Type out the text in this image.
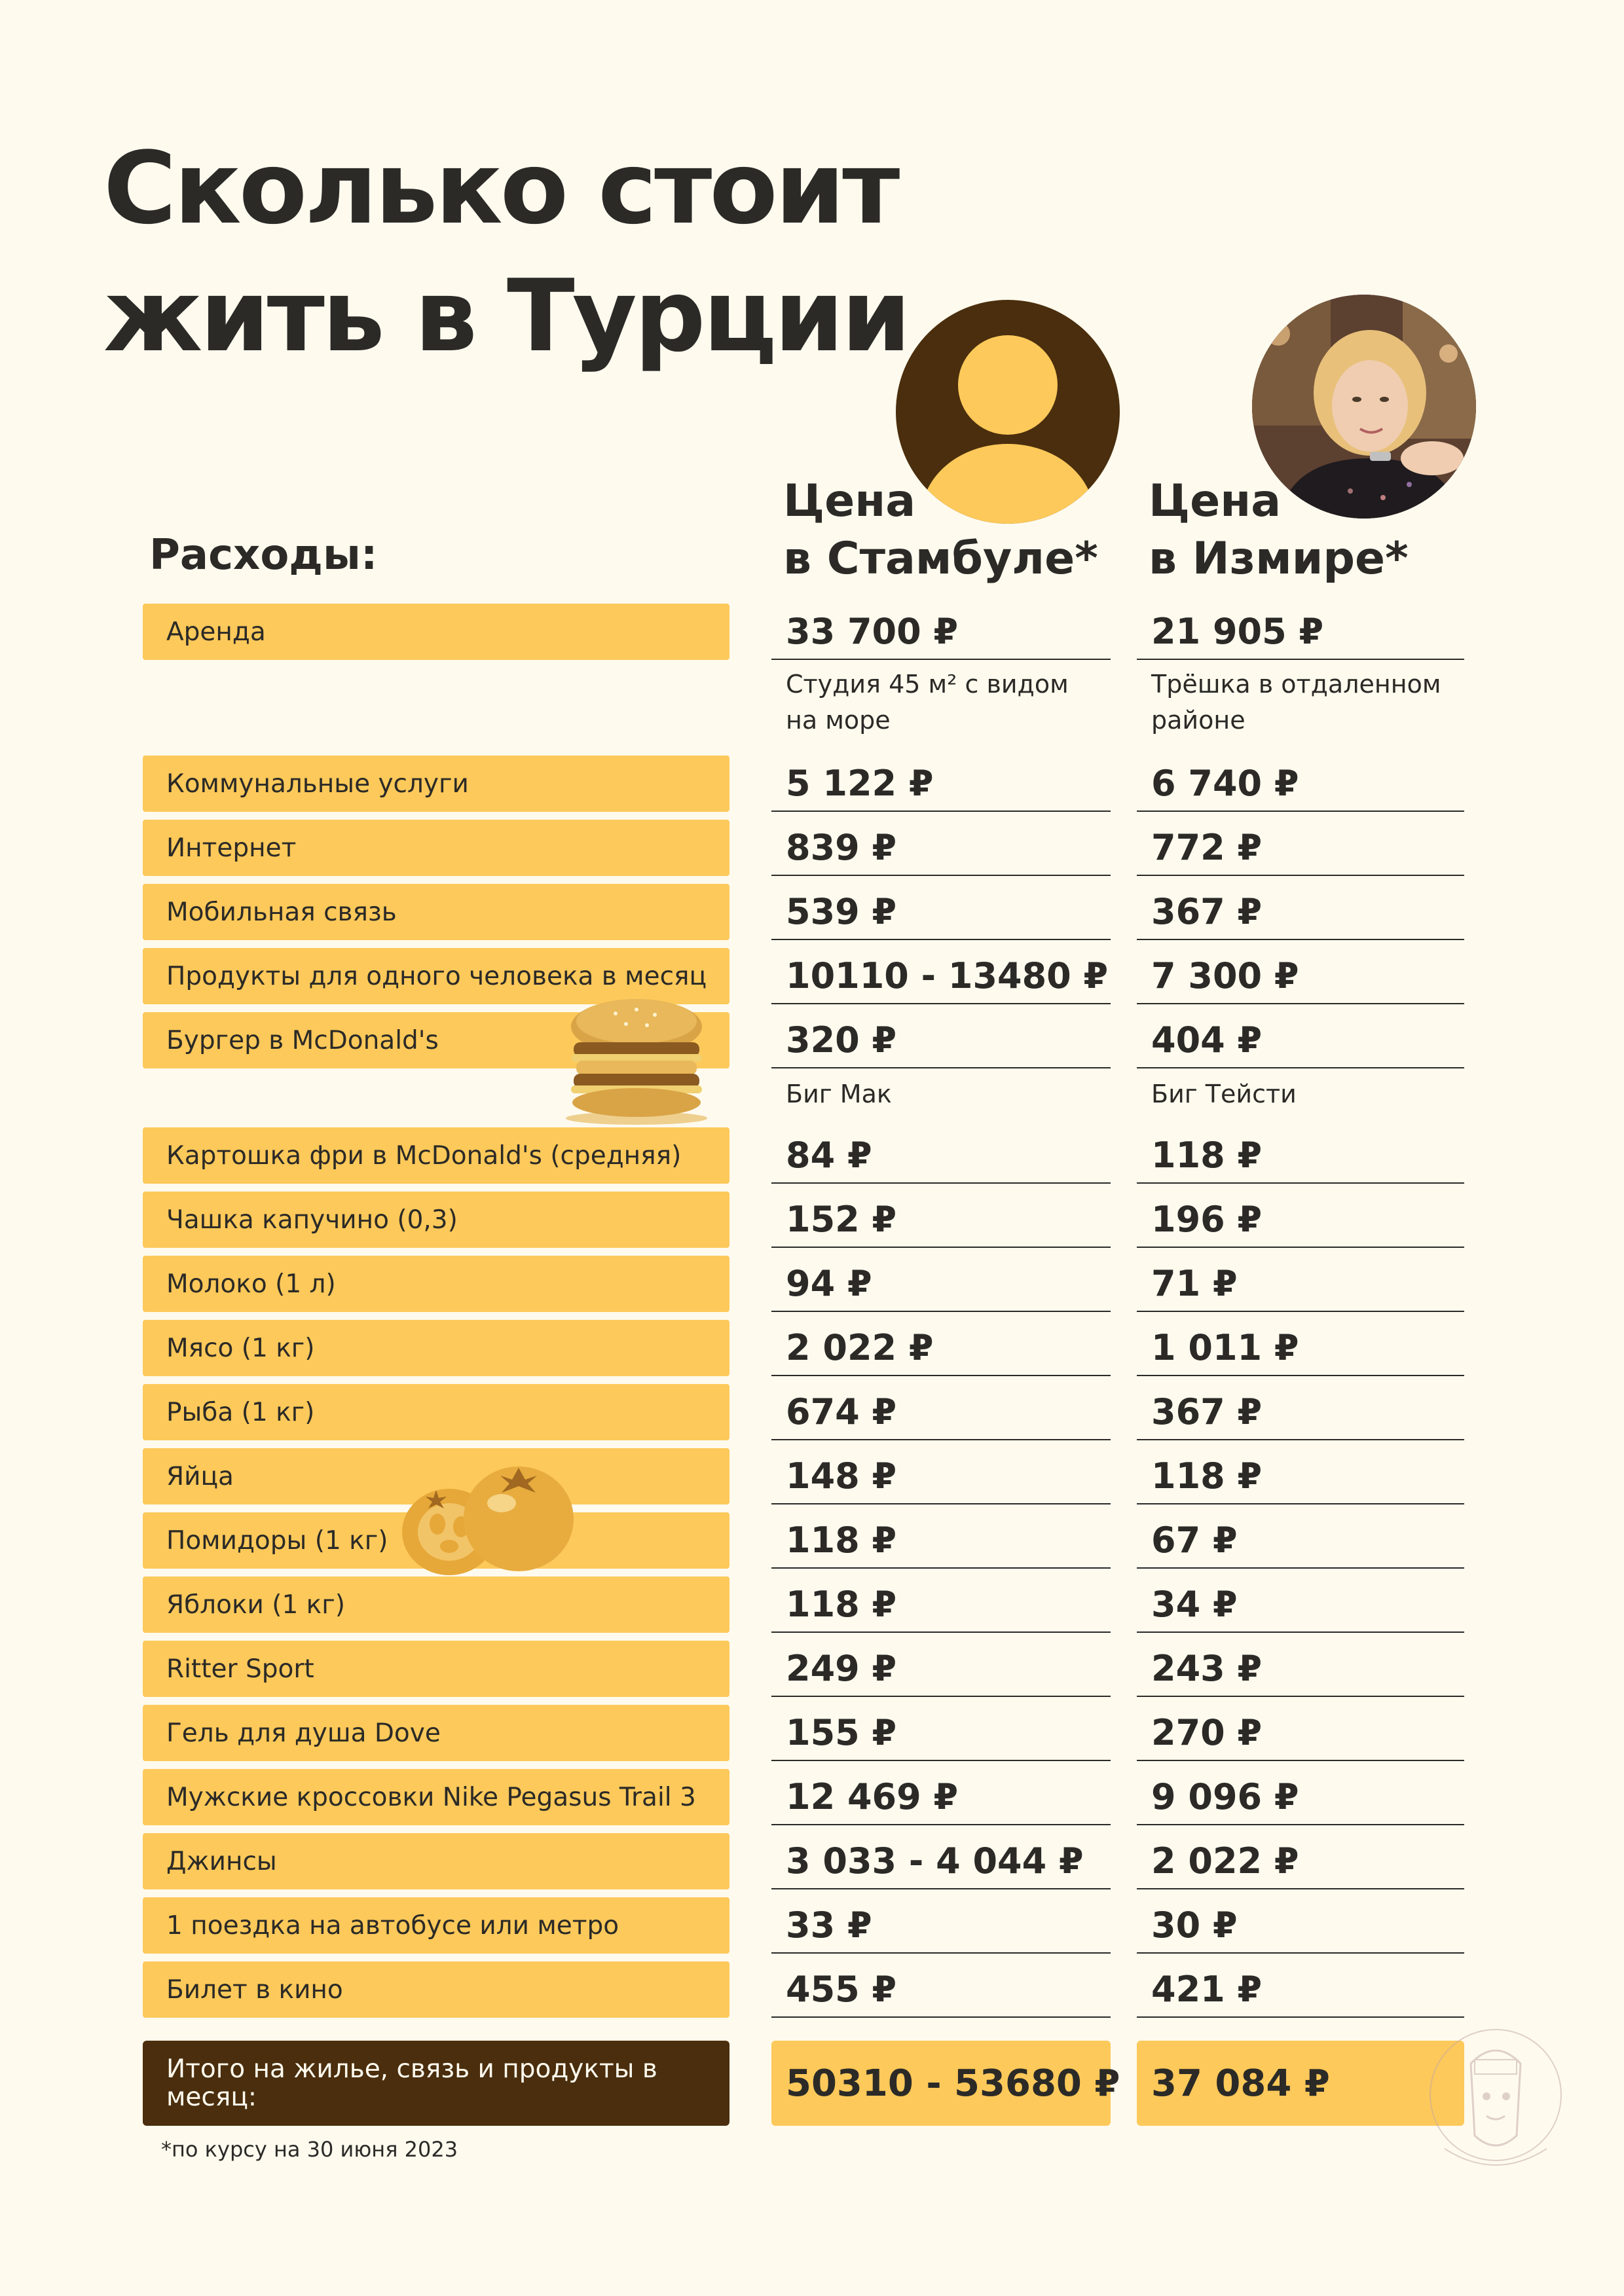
Сколько стоит
жить в Турции
Цена
в Стамбуле*
Цена
в Измире*
Расходы:
Аренда	33 700 ₽	21 905 ₽
Студия 45 м² с видом на море
Трёшка в отдаленном районе
Коммунальные услуги	5 122 ₽	6 740 ₽
Интернет	839 ₽	772 ₽
Мобильная связь	539 ₽	367 ₽
Продукты для одного человека в месяц	10110 - 13480 ₽	7 300 ₽
Бургер в McDonald's	320 ₽	404 ₽
Биг Мак	Биг Тейсти
Картошка фри в McDonald's (средняя)	84 ₽	118 ₽
Чашка капучино (0,3)	152 ₽	196 ₽
Молоко (1 л)	94 ₽	71 ₽
Мясо (1 кг)	2 022 ₽	1 011 ₽
Рыба (1 кг)	674 ₽	367 ₽
Яйца	148 ₽	118 ₽
Помидоры (1 кг)	118 ₽	67 ₽
Яблоки (1 кг)	118 ₽	34 ₽
Ritter Sport	249 ₽	243 ₽
Гель для душа Dove	155 ₽	270 ₽
Мужские кроссовки Nike Pegasus Trail 3	12 469 ₽	9 096 ₽
Джинсы	3 033 - 4 044 ₽	2 022 ₽
1 поездка на автобусе или метро	33 ₽	30 ₽
Билет в кино	455 ₽	421 ₽
Итого на жилье, связь и продукты в месяц:	50310 - 53680 ₽ 37 084 ₽
*по курсу на 30 июня 2023
